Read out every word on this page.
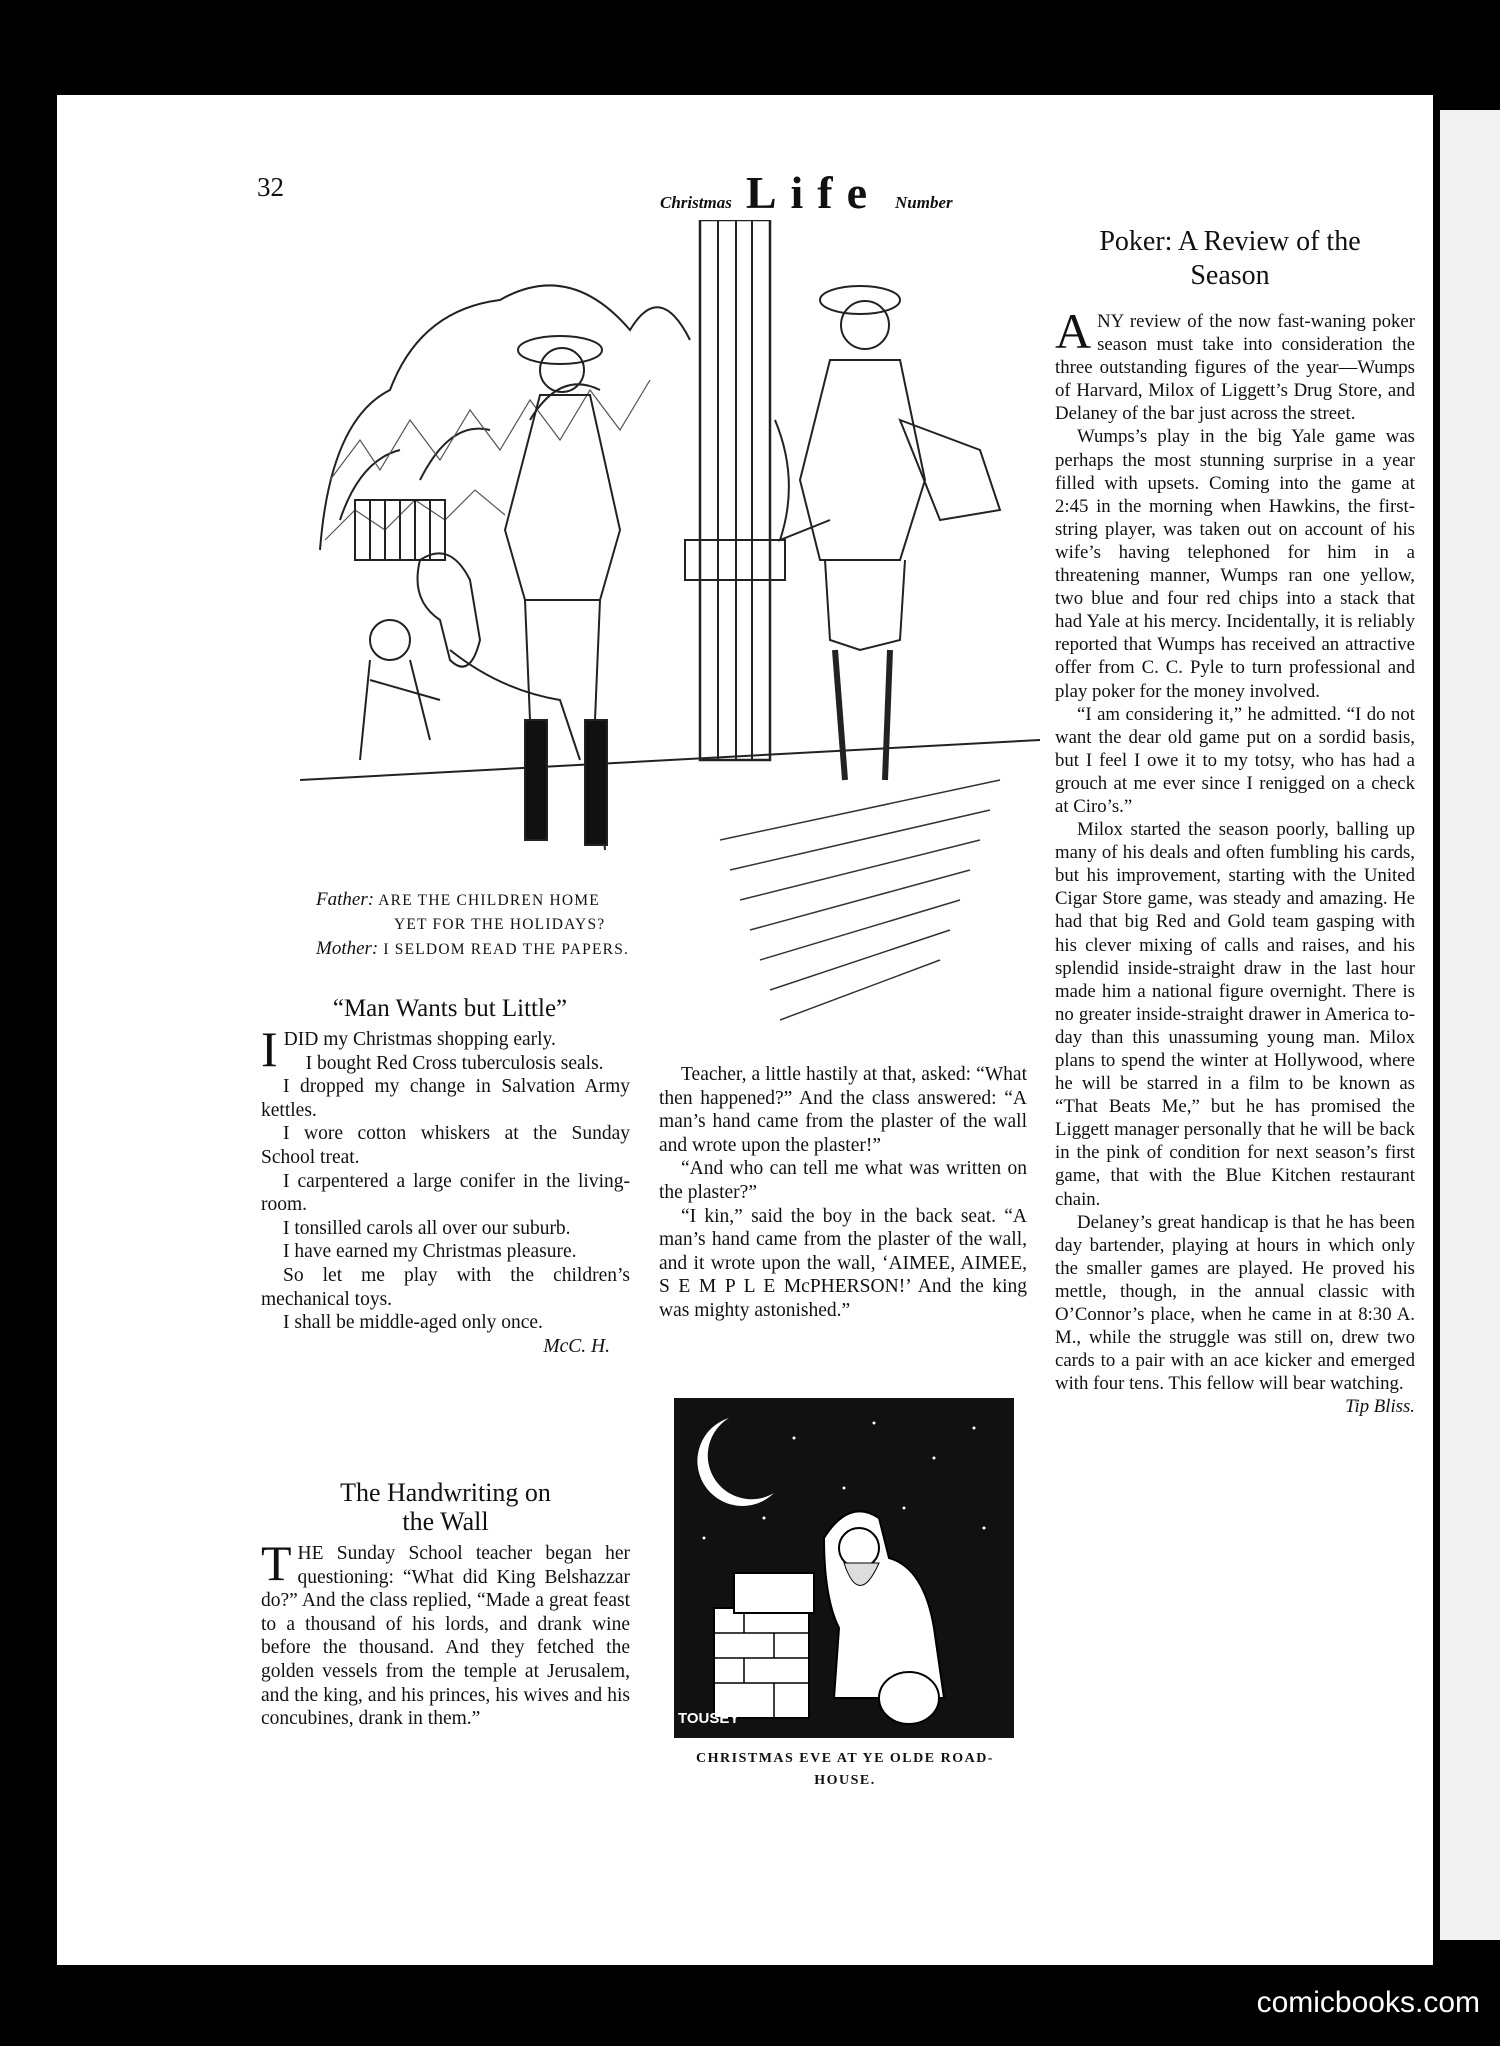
32
Christmas Life Number
Father: ARE THE CHILDREN HOME
YET FOR THE HOLIDAYS?
Mother: I SELDOM READ THE PAPERS.
“Man Wants but Little”

IDID my Christmas shopping early.

I bought Red Cross tuberculosis seals.

I dropped my change in Salvation Army kettles.

I wore cotton whiskers at the Sunday School treat.

I carpentered a large conifer in the living-room.

I tonsilled carols all over our suburb.

I have earned my Christmas pleasure.

So let me play with the children’s mechanical toys.

I shall be middle-aged only once.

McC. H.
The Handwriting on
the Wall

THE Sunday School teacher began her questioning: “What did King Belshazzar do?” And the class replied, “Made a great feast to a thousand of his lords, and drank wine before the thousand. And they fetched the golden vessels from the temple at Jerusalem, and the king, and his princes, his wives and his concubines, drank in them.”

Teacher, a little hastily at that, asked: “What then happened?” And the class answered: “A man’s hand came from the plaster of the wall and wrote upon the plaster!”

“And who can tell me what was written on the plaster?”

“I kin,” said the boy in the back seat. “A man’s hand came from the plaster of the wall, and it wrote upon the wall, ‘AIMEE, AIMEE, S E M P L E McPHERSON!’ And the king was mighty astonished.”

TOUSEY
CHRISTMAS EVE AT YE OLDE ROAD-
HOUSE.
Poker: A Review of the
Season

ANY review of the now fast-waning poker season must take into consideration the three outstanding figures of the year—Wumps of Harvard, Milox of Liggett’s Drug Store, and Delaney of the bar just across the street.

Wumps’s play in the big Yale game was perhaps the most stunning surprise in a year filled with upsets. Coming into the game at 2:45 in the morning when Hawkins, the first-string player, was taken out on account of his wife’s having telephoned for him in a threatening manner, Wumps ran one yellow, two blue and four red chips into a stack that had Yale at his mercy. Incidentally, it is reliably reported that Wumps has received an attractive offer from C. C. Pyle to turn professional and play poker for the money involved.

“I am considering it,” he admitted. “I do not want the dear old game put on a sordid basis, but I feel I owe it to my totsy, who has had a grouch at me ever since I renigged on a check at Ciro’s.”

Milox started the season poorly, balling up many of his deals and often fumbling his cards, but his improvement, starting with the United Cigar Store game, was steady and amazing. He had that big Red and Gold team gasping with his clever mixing of calls and raises, and his splendid inside-straight draw in the last hour made him a national figure overnight. There is no greater inside-straight drawer in America to-day than this unassuming young man. Milox plans to spend the winter at Hollywood, where he will be starred in a film to be known as “That Beats Me,” but he has promised the Liggett manager personally that he will be back in the pink of condition for next season’s first game, that with the Blue Kitchen restaurant chain.

Delaney’s great handicap is that he has been day bartender, playing at hours in which only the smaller games are played. He proved his mettle, though, in the annual classic with O’Connor’s place, when he came in at 8:30 A. M., while the struggle was still on, drew two cards to a pair with an ace kicker and emerged with four tens. This fellow will bear watching.

Tip Bliss.
comicbooks.com
